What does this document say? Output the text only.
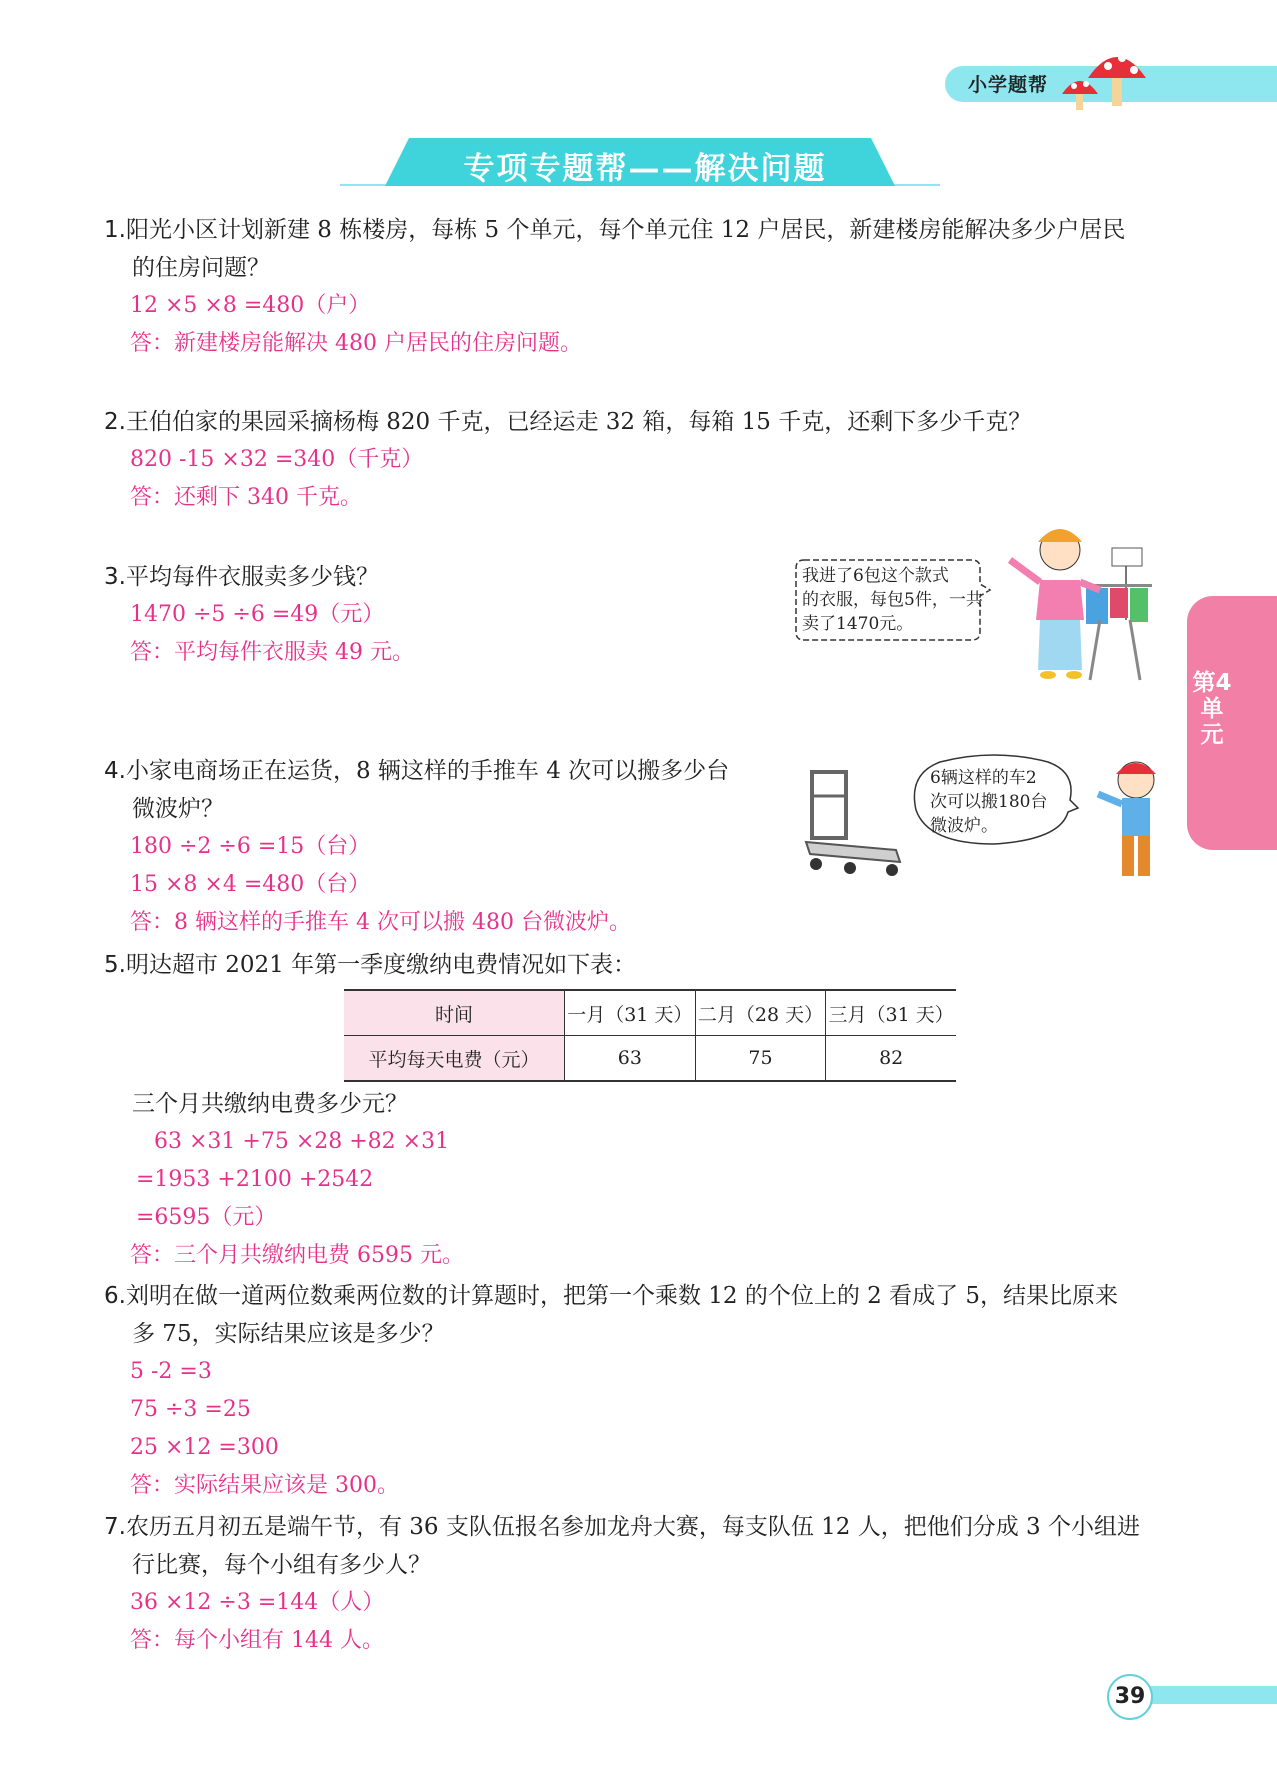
小学题帮
专项专题帮——解决问题
第4单元
1.阳光小区计划新建 8 栋楼房，每栋 5 个单元，每个单元住 12 户居民，新建楼房能解决多少户居民
的住房问题？
12 ×5 ×8 =480（户）
答：新建楼房能解决 480 户居民的住房问题。
2.王伯伯家的果园采摘杨梅 820 千克，已经运走 32 箱，每箱 15 千克，还剩下多少千克？
820 -15 ×32 =340（千克）
答：还剩下 340 千克。
3.平均每件衣服卖多少钱？
1470 ÷5 ÷6 =49（元）
答：平均每件衣服卖 49 元。
我进了6包这个款式
的衣服，每包5件，一共
卖了1470元。
4.小家电商场正在运货，8 辆这样的手推车 4 次可以搬多少台
微波炉？
180 ÷2 ÷6 =15（台）
15 ×8 ×4 =480（台）
答：8 辆这样的手推车 4 次可以搬 480 台微波炉。
6辆这样的车2
次可以搬180台
微波炉。
5.明达超市 2021 年第一季度缴纳电费情况如下表：
时间	一月（31 天）	二月（28 天）	三月（31 天）
平均每天电费（元）	63	75	82
三个月共缴纳电费多少元？
63 ×31 +75 ×28 +82 ×31
=1953 +2100 +2542
=6595（元）
答：三个月共缴纳电费 6595 元。
6.刘明在做一道两位数乘两位数的计算题时，把第一个乘数 12 的个位上的 2 看成了 5，结果比原来
多 75，实际结果应该是多少？
5 -2 =3
75 ÷3 =25
25 ×12 =300
答：实际结果应该是 300。
7.农历五月初五是端午节，有 36 支队伍报名参加龙舟大赛，每支队伍 12 人，把他们分成 3 个小组进
行比赛，每个小组有多少人？
36 ×12 ÷3 =144（人）
答：每个小组有 144 人。
39
